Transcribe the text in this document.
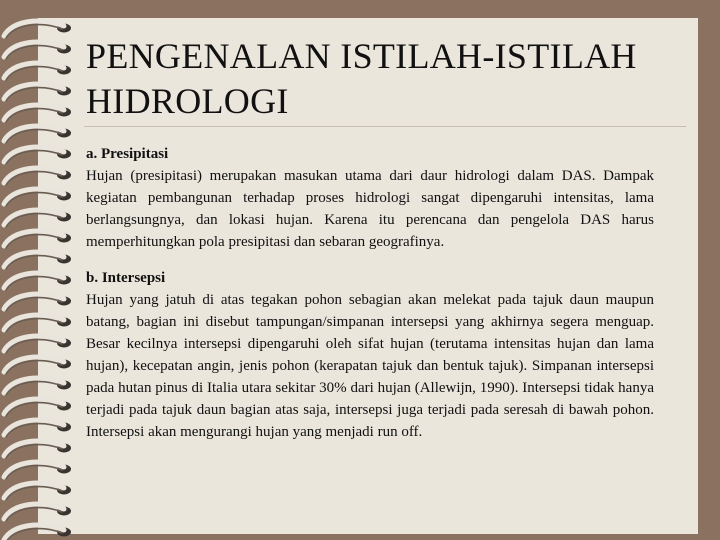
PENGENALAN ISTILAH-ISTILAH
HIDROLOGI
a. Presipitasi
Hujan (presipitasi) merupakan masukan utama dari daur hidrologi dalam DAS. Dampak kegiatan pembangunan terhadap proses hidrologi sangat dipengaruhi intensitas, lama berlangsungnya, dan lokasi hujan. Karena itu perencana dan pengelola DAS harus memperhitungkan pola presipitasi dan sebaran geografinya.
b. Intersepsi
Hujan yang jatuh di atas tegakan pohon sebagian akan melekat pada tajuk daun maupun batang, bagian ini disebut tampungan/simpanan intersepsi yang akhirnya segera menguap. Besar kecilnya intersepsi dipengaruhi oleh sifat hujan (terutama intensitas hujan dan lama hujan), kecepatan angin, jenis pohon (kerapatan tajuk dan bentuk tajuk). Simpanan intersepsi pada hutan pinus di Italia utara sekitar 30% dari hujan (Allewijn, 1990). Intersepsi tidak hanya terjadi pada tajuk daun bagian atas saja, intersepsi juga terjadi pada seresah di bawah pohon. Intersepsi akan mengurangi hujan yang menjadi run off.
